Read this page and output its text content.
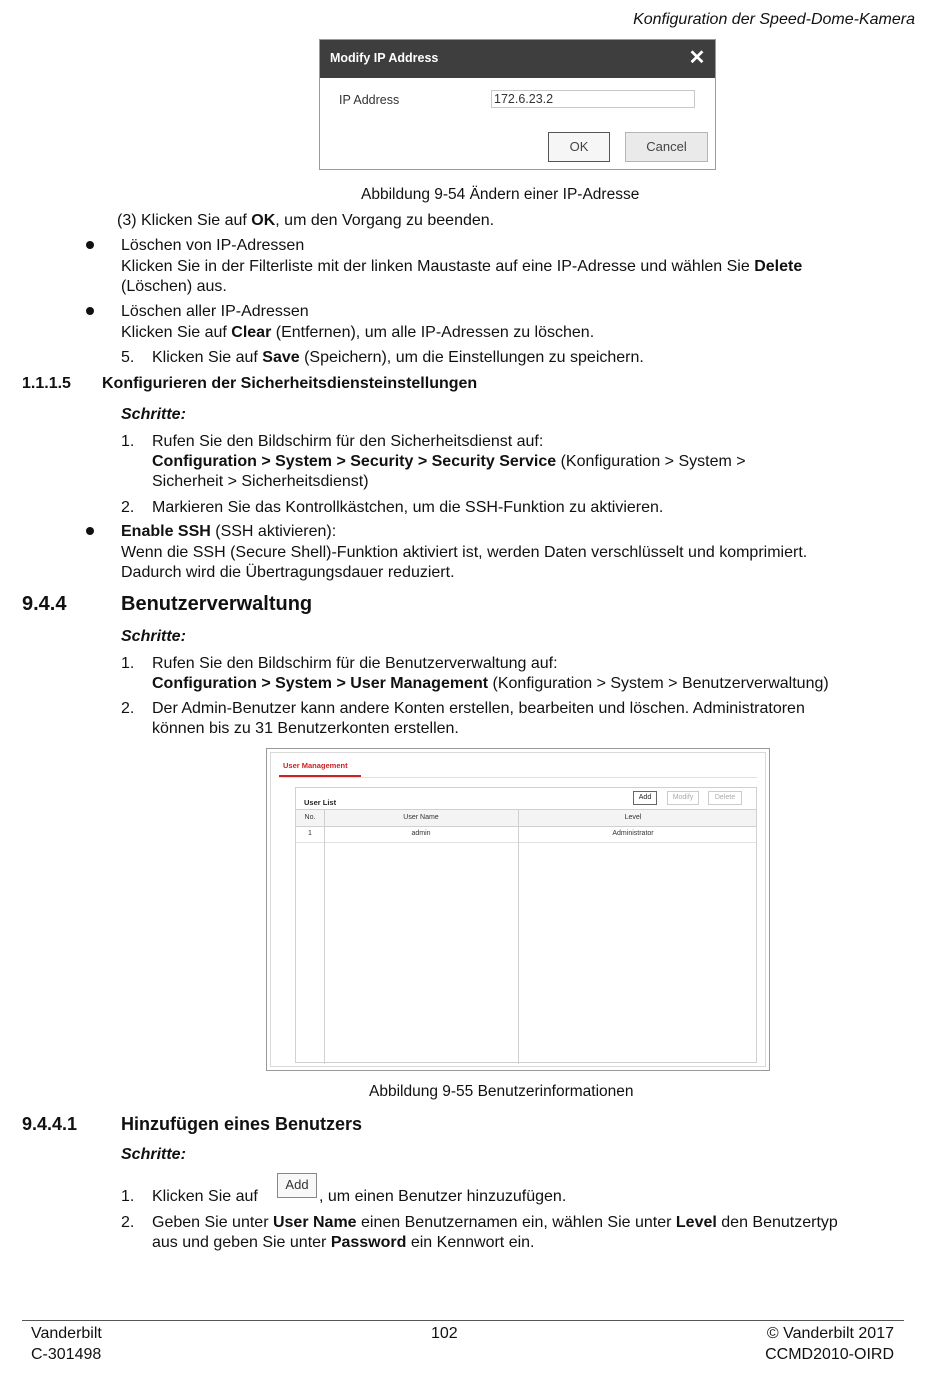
Konfiguration der Speed-Dome-Kamera
Modify IP Address	✕
IP Address	172.6.23.2
OK	Cancel
Abbildung 9-54 Ändern einer IP-Adresse
(3) Klicken Sie auf OK, um den Vorgang zu beenden.
Löschen von IP-Adressen
Klicken Sie in der Filterliste mit der linken Maustaste auf eine IP-Adresse und wählen Sie Delete
(Löschen) aus.
Löschen aller IP-Adressen
Klicken Sie auf Clear (Entfernen), um alle IP-Adressen zu löschen.
5. Klicken Sie auf Save (Speichern), um die Einstellungen zu speichern.
1.1.1.5 Konfigurieren der Sicherheitsdiensteinstellungen
Schritte:
1. Rufen Sie den Bildschirm für den Sicherheitsdienst auf:
Configuration > System > Security > Security Service (Konfiguration > System >
Sicherheit > Sicherheitsdienst)
2. Markieren Sie das Kontrollkästchen, um die SSH-Funktion zu aktivieren.
Enable SSH (SSH aktivieren):
Wenn die SSH (Secure Shell)-Funktion aktiviert ist, werden Daten verschlüsselt und komprimiert.
Dadurch wird die Übertragungsdauer reduziert.
9.4.4	Benutzerverwaltung
Schritte:
1. Rufen Sie den Bildschirm für die Benutzerverwaltung auf:
Configuration > System > User Management (Konfiguration > System > Benutzerverwaltung)
2. Der Admin-Benutzer kann andere Konten erstellen, bearbeiten und löschen. Administratoren
können bis zu 31 Benutzerkonten erstellen.
User Management
User List
Add	Modify	Delete
No.	User Name	Level
1	admin	Administrator
Abbildung 9-55 Benutzerinformationen
9.4.4.1 Hinzufügen eines Benutzers
Schritte:
1. Klicken Sie auf
Add
, um einen Benutzer hinzuzufügen.
2. Geben Sie unter User Name einen Benutzernamen ein, wählen Sie unter Level den Benutzertyp
aus und geben Sie unter Password ein Kennwort ein.
Vanderbilt
C-301498
102	© Vanderbilt 2017
CCMD2010-OIRD
